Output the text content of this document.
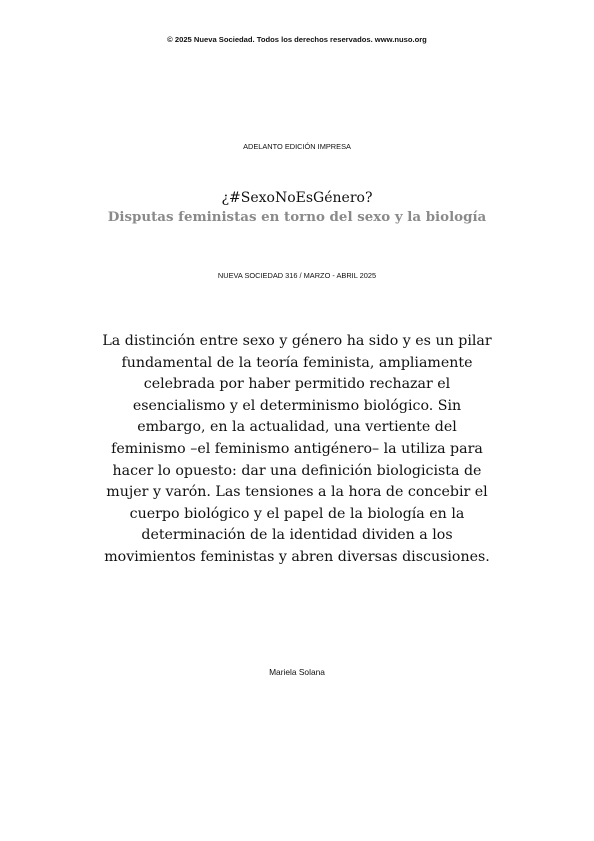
© 2025 Nueva Sociedad. Todos los derechos reservados. www.nuso.org
ADELANTO EDICIÓN IMPRESA
¿#SexoNoEsGénero?
Disputas feministas en torno del sexo y la biología
NUEVA SOCIEDAD 316 / MARZO - ABRIL 2025
La distinción entre sexo y género ha sido y es un pilar fundamental de la teoría feminista, ampliamente celebrada por haber permitido rechazar el esencialismo y el determinismo biológico. Sin embargo, en la actualidad, una vertiente del feminismo –el feminismo antigénero– la utiliza para hacer lo opuesto: dar una definición biologicista de mujer y varón. Las tensiones a la hora de concebir el cuerpo biológico y el papel de la biología en la determinación de la identidad dividen a los movimientos feministas y abren diversas discusiones.
Mariela Solana
